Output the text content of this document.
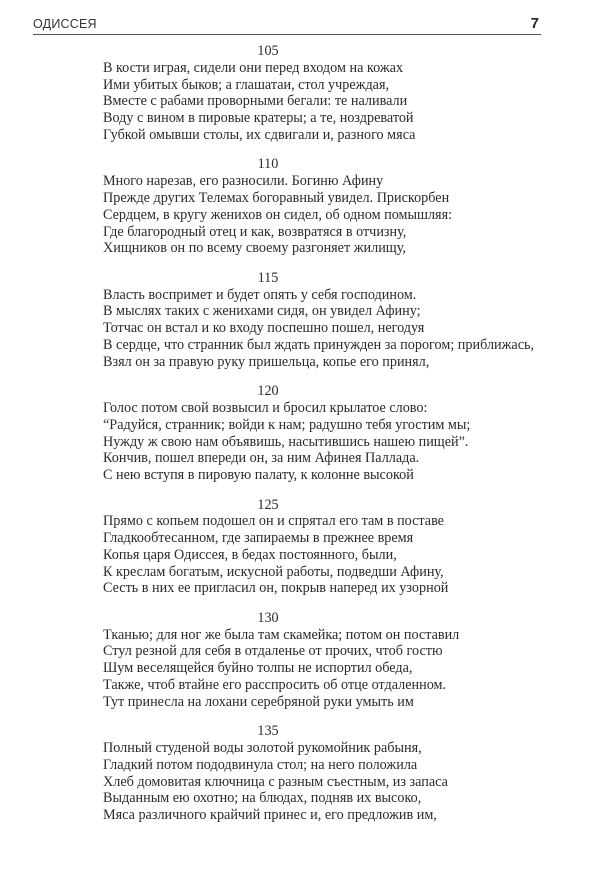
ОДИССЕЯ	7
105
В кости играя, сидели они перед входом на кожах
Ими убитых быков; а глашатаи, стол учреждая,
Вместе с рабами проворными бегали: те наливали
Воду с вином в пировые кратеры; а те, ноздреватой
Губкой омывши столы, их сдвигали и, разного мяса
110
Много нарезав, его разносили. Богиню Афину
Прежде других Телемах богоравный увидел. Прискорбен
Сердцем, в кругу женихов он сидел, об одном помышляя:
Где благородный отец и как, возвратяся в отчизну,
Хищников он по всему своему разгоняет жилищу,
115
Власть воспримет и будет опять у себя господином.
В мыслях таких с женихами сидя, он увидел Афину;
Тотчас он встал и ко входу поспешно пошел, негодуя
В сердце, что странник был ждать принужден за порогом; приближась,
Взял он за правую руку пришельца, копье его принял,
120
Голос потом свой возвысил и бросил крылатое слово:
“Радуйся, странник; войди к нам; радушно тебя угостим мы;
Нужду ж свою нам объявишь, насытившись нашею пищей”.
Кончив, пошел впереди он, за ним Афинея Паллада.
С нею вступя в пировую палату, к колонне высокой
125
Прямо с копьем подошел он и спрятал его там в поставе
Гладкообтесанном, где запираемы в прежнее время
Копья царя Одиссея, в бедах постоянного, были,
К креслам богатым, искусной работы, подведши Афину,
Сесть в них ее пригласил он, покрыв наперед их узорной
130
Тканью; для ног же была там скамейка; потом он поставил
Стул резной для себя в отдаленье от прочих, чтоб гостю
Шум веселящейся буйно толпы не испортил обеда,
Также, чтоб втайне его расспросить об отце отдаленном.
Тут принесла на лохани серебряной руки умыть им
135
Полный студеной воды золотой рукомойник рабыня,
Гладкий потом пододвинула стол; на него положила
Хлеб домовитая ключница с разным съестным, из запаса
Выданным ею охотно; на блюдах, подняв их высоко,
Мяса различного крайчий принес и, его предложив им,
